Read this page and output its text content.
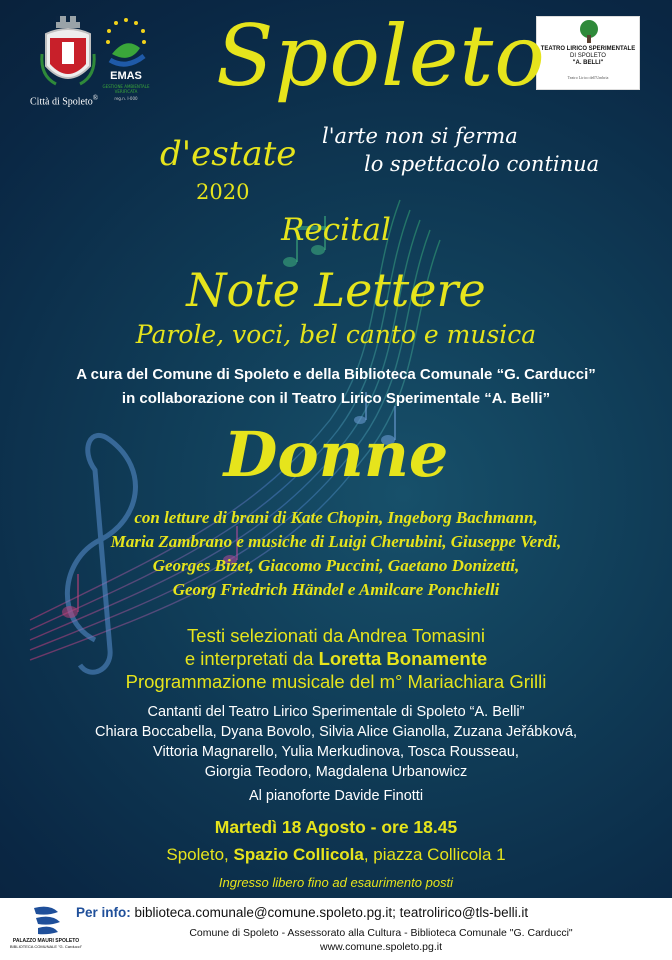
Città di Spoleto®
EMAS
GESTIONE AMBIENTALE VERIFICATA
reg.n. I-000
TEATRO LIRICO SPERIMENTALE
DI SPOLETO
"A. BELLI"
Teatro Lirico dell'Umbria
Spoleto
d'estate
2020
l'arte non si ferma
lo spettacolo continua
Recital
Note Lettere
Parole, voci, bel canto e musica
A cura del Comune di Spoleto e della Biblioteca Comunale “G. Carducci”
in collaborazione con il Teatro Lirico Sperimentale “A. Belli”
Donne
con letture di brani di Kate Chopin, Ingeborg Bachmann,
Maria Zambrano e musiche di Luigi Cherubini, Giuseppe Verdi,
Georges Bizet, Giacomo Puccini, Gaetano Donizetti,
Georg Friedrich Händel e Amilcare Ponchielli
Testi selezionati da Andrea Tomasini
e interpretati da Loretta Bonamente
Programmazione musicale del m° Mariachiara Grilli
Cantanti del Teatro Lirico Sperimentale di Spoleto “A. Belli”
Chiara Boccabella, Dyana Bovolo, Silvia Alice Gianolla, Zuzana Jeřábková,
Vittoria Magnarello, Yulia Merkudinova, Tosca Rousseau,
Giorgia Teodoro, Magdalena Urbanowicz
Al pianoforte Davide Finotti
Martedì 18 Agosto - ore 18.45
Spoleto, Spazio Collicola, piazza Collicola 1
Ingresso libero fino ad esaurimento posti
PALAZZO MAURI SPOLETO
BIBLIOTECA COMUNALE "G. Carducci"
Per info: biblioteca.comunale@comune.spoleto.pg.it; teatrolirico@tls-belli.it
Comune di Spoleto - Assessorato alla Cultura - Biblioteca Comunale "G. Carducci"
www.comune.spoleto.pg.it
